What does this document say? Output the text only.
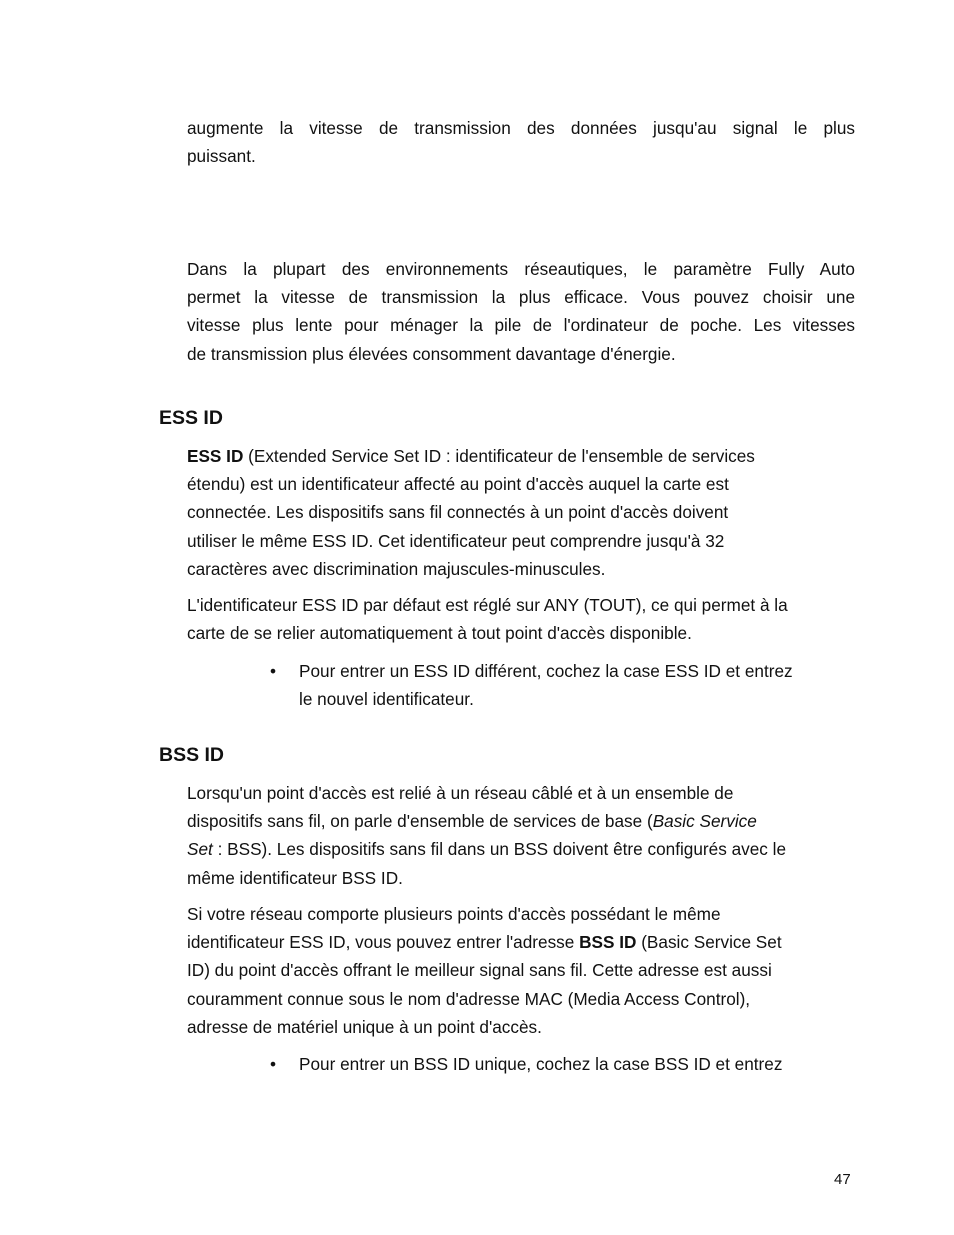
augmente la vitesse de transmission des données jusqu'au signal le plus
puissant.
Dans la plupart des environnements réseautiques, le paramètre Fully Auto
permet la vitesse de transmission la plus efficace. Vous pouvez choisir une
vitesse plus lente pour ménager la pile de l'ordinateur de poche. Les vitesses
de transmission plus élevées consomment davantage d'énergie.
ESS ID
ESS ID (Extended Service Set ID : identificateur de l'ensemble de services
étendu) est un identificateur affecté au point d'accès auquel la carte est
connectée. Les dispositifs sans fil connectés à un point d'accès doivent
utiliser le même ESS ID. Cet identificateur peut comprendre jusqu'à 32
caractères avec discrimination majuscules-minuscules.
L'identificateur ESS ID par défaut est réglé sur ANY (TOUT), ce qui permet à la
carte de se relier automatiquement à tout point d'accès disponible.
• Pour entrer un ESS ID différent, cochez la case ESS ID et entrez
le nouvel identificateur.
BSS ID
Lorsqu'un point d'accès est relié à un réseau câblé et à un ensemble de
dispositifs sans fil, on parle d'ensemble de services de base (Basic Service
Set : BSS). Les dispositifs sans fil dans un BSS doivent être configurés avec le
même identificateur BSS ID.
Si votre réseau comporte plusieurs points d'accès possédant le même
identificateur ESS ID, vous pouvez entrer l'adresse BSS ID (Basic Service Set
ID) du point d'accès offrant le meilleur signal sans fil. Cette adresse est aussi
couramment connue sous le nom d'adresse MAC (Media Access Control),
adresse de matériel unique à un point d'accès.
• Pour entrer un BSS ID unique, cochez la case BSS ID et entrez
47
